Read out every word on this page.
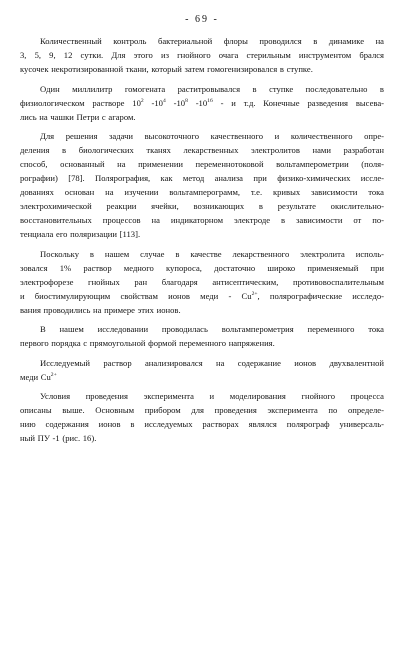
- 69 -
Количественный контроль бактериальной флоры проводился в динамике на
3, 5, 9, 12 сутки. Для этого из гнойного очага стерильным инструментом брался
кусочек некротизированной ткани, который затем гомогенизировался в ступке.
Один миллилитр гомогената раститровывался в ступке последовательно в
физиологическом растворе $10^2$ $-10^4$ $-10^8$ $-10^{16}$ - и т.д. Конечные разведения высева-
лись на чашки Петри с агаром.
Для решения задачи высокоточного качественного и количественного опре-
деления в биологических тканях лекарственных электролитов нами разработан
способ, основанный на применении переменнотоковой вольтамперометрии (поля-
рографии) [78]. Полярография, как метод анализа при физико-химических иссле-
дованиях основан на изучении вольтамперограмм, т.е. кривых зависимости тока
электрохимической реакции ячейки, возникающих в результате окислительно-
восстановительных процессов на индикаторном электроде в зависимости от по-
тенциала его поляризации [113].
Поскольку в нашем случае в качестве лекарственного электролита исполь-
зовался 1% раствор медного купороса, достаточно широко применяемый при
электрофорезе гнойных ран благодаря антисептическим, противовоспалительным
и биостимулирующим свойствам ионов меди - $Cu^{2+}$, полярографические исследо-
вания проводились на примере этих ионов.
В нашем исследовании проводилась вольтамперометрия переменного тока
первого порядка с прямоугольной формой переменного напряжения.
Исследуемый раствор анализировался на содержание ионов двухвалентной
меди $Cu^{2+}$
Условия проведения эксперимента и моделирования гнойного процесса
описаны выше. Основным прибором для проведения эксперимента по определе-
нию содержания ионов в исследуемых растворах являлся полярограф универсаль-
ный ПУ -1 (рис. 16).
